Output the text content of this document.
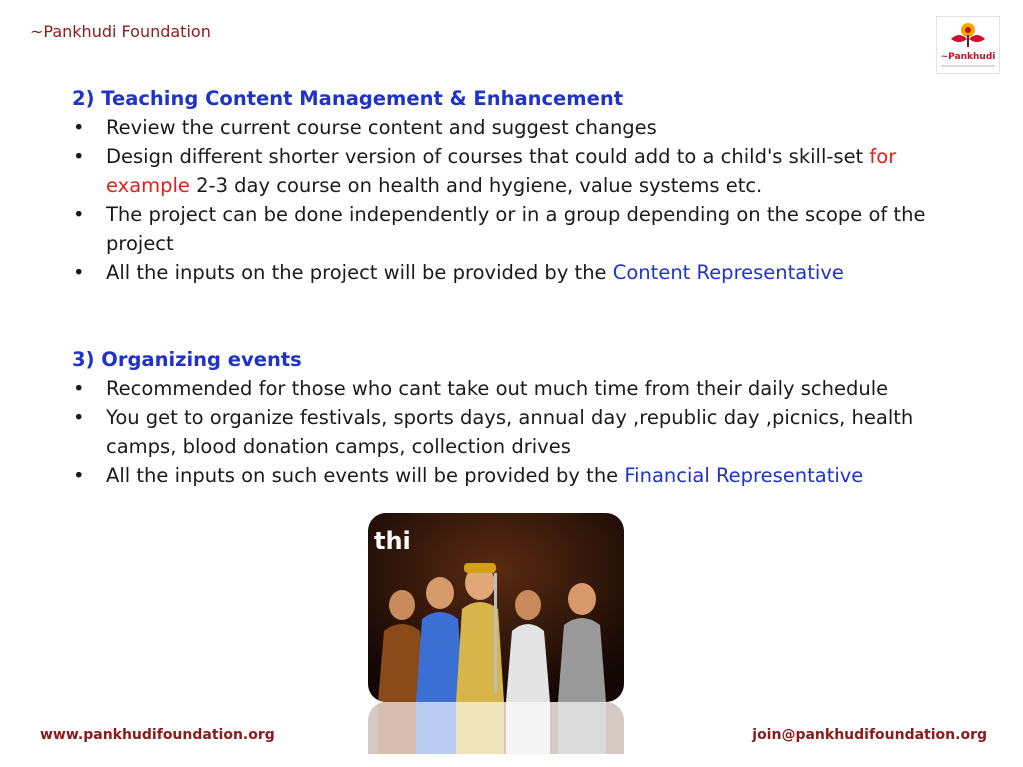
~Pankhudi Foundation
~Pankhudi

2) Teaching Content Management & Enhancement

• Review the current course content and suggest changes
• Design different shorter version of courses that could add to a child's skill-set for example 2-3 day course on health and hygiene, value systems etc.
• The project can be done independently or in a group depending on the scope of the project
• All the inputs on the project will be provided by the Content Representative

3) Organizing events

• Recommended for those who cant take out much time from their daily schedule
• You get to organize festivals, sports days, annual day ,republic day ,picnics, health camps, blood donation camps, collection drives
• All the inputs on such events will be provided by the Financial Representative
thi
www.pankhudifoundation.org	join@pankhudifoundation.org
